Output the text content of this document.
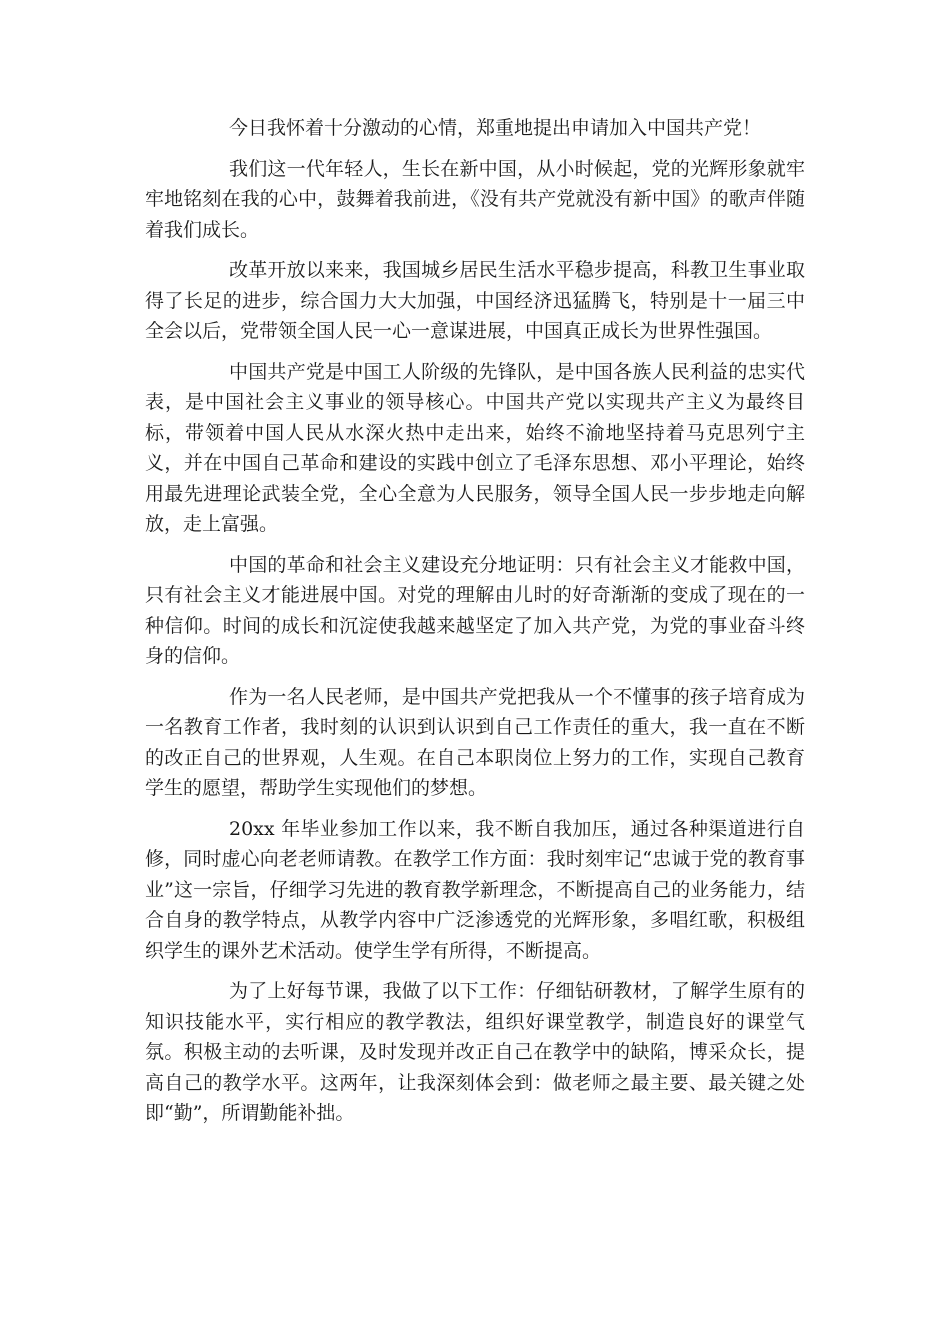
今日我怀着十分激动的心情，郑重地提出申请加入中国共产党！

我们这一代年轻人，生长在新中国，从小时候起，党的光辉形象就牢牢地铭刻在我的心中，鼓舞着我前进，《没有共产党就没有新中国》的歌声伴随着我们成长。

改革开放以来来，我国城乡居民生活水平稳步提高，科教卫生事业取得了长足的进步，综合国力大大加强，中国经济迅猛腾飞，特别是十一届三中全会以后，党带领全国人民一心一意谋进展，中国真正成长为世界性强国。

中国共产党是中国工人阶级的先锋队，是中国各族人民利益的忠实代表，是中国社会主义事业的领导核心。中国共产党以实现共产主义为最终目标，带领着中国人民从水深火热中走出来，始终不渝地坚持着马克思列宁主义，并在中国自己革命和建设的实践中创立了毛泽东思想、邓小平理论，始终用最先进理论武装全党，全心全意为人民服务，领导全国人民一步步地走向解放，走上富强。

中国的革命和社会主义建设充分地证明：只有社会主义才能救中国，只有社会主义才能进展中国。对党的理解由儿时的好奇渐渐的变成了现在的一种信仰。时间的成长和沉淀使我越来越坚定了加入共产党，为党的事业奋斗终身的信仰。

作为一名人民老师，是中国共产党把我从一个不懂事的孩子培育成为一名教育工作者，我时刻的认识到认识到自己工作责任的重大，我一直在不断的改正自己的世界观，人生观。在自己本职岗位上努力的工作，实现自己教育学生的愿望，帮助学生实现他们的梦想。

20xx 年毕业参加工作以来，我不断自我加压，通过各种渠道进行自修，同时虚心向老老师请教。在教学工作方面：我时刻牢记“忠诚于党的教育事业”这一宗旨，仔细学习先进的教育教学新理念，不断提高自己的业务能力，结合自身的教学特点，从教学内容中广泛渗透党的光辉形象，多唱红歌，积极组织学生的课外艺术活动。使学生学有所得，不断提高。

为了上好每节课，我做了以下工作：仔细钻研教材，了解学生原有的知识技能水平，实行相应的教学教法，组织好课堂教学，制造良好的课堂气氛。积极主动的去听课，及时发现并改正自己在教学中的缺陷，博采众长，提高自己的教学水平。这两年，让我深刻体会到：做老师之最主要、最关键之处即“勤”，所谓勤能补拙。
